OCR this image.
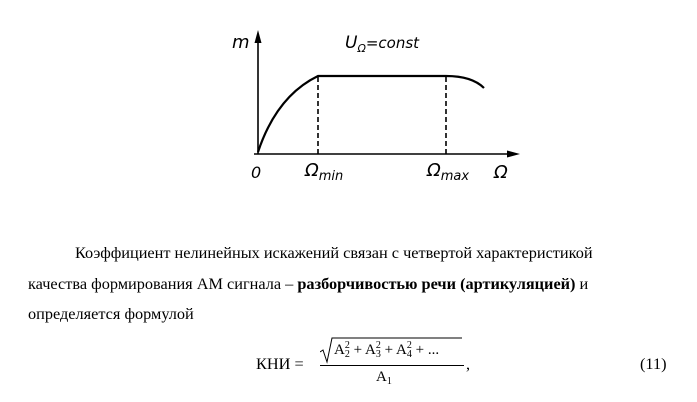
m	$U_\Omega=const$
0 $\Omega_{min}$	$\Omega_{max}$ Ω

Коэффициент нелинейных искажений связан с четвертой характеристикой
качества формирования АМ сигнала – разборчивостью речи (артикуляцией) и
определяется формулой

КНИ =
$A_2^2 + A_3^2 + A_4^2$ + ...
$A_1$
,	(11)
